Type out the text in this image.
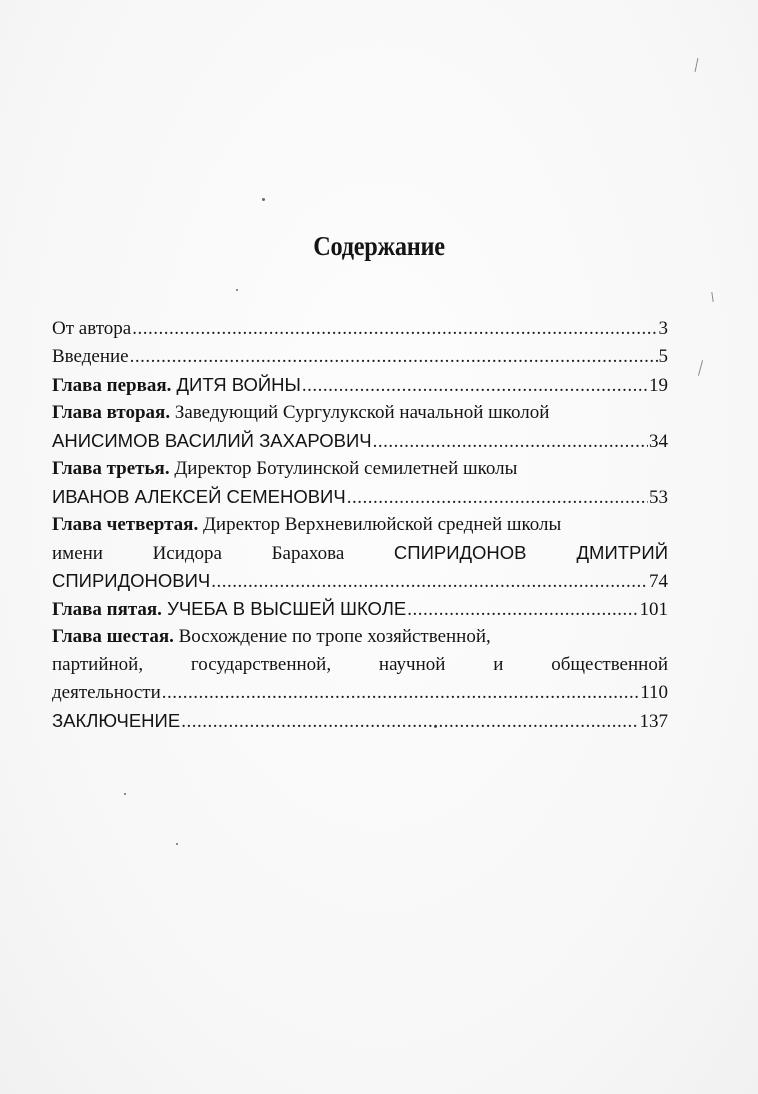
Содержание
От автора .....	3
Введение .....	5
Глава первая. ДИТЯ ВОЙНЫ .....	19
Глава вторая. Заведующий Сургулукской начальной школой
АНИСИМОВ ВАСИЛИЙ ЗАХАРОВИЧ .....	34
Глава третья. Директор Ботулинской семилетней школы
ИВАНОВ АЛЕКСЕЙ СЕМЕНОВИЧ .....	53
Глава четвертая. Директор Верхневилюйской средней школы
имени Исидора Барахова СПИРИДОНОВ ДМИТРИЙ
СПИРИДОНОВИЧ .....	74
Глава пятая. УЧЕБА В ВЫСШЕЙ ШКОЛЕ .....	101
Глава шестая. Восхождение по тропе хозяйственной,
партийной, государственной, научной и общественной
деятельности .....	110
ЗАКЛЮЧЕНИЕ .....	137
